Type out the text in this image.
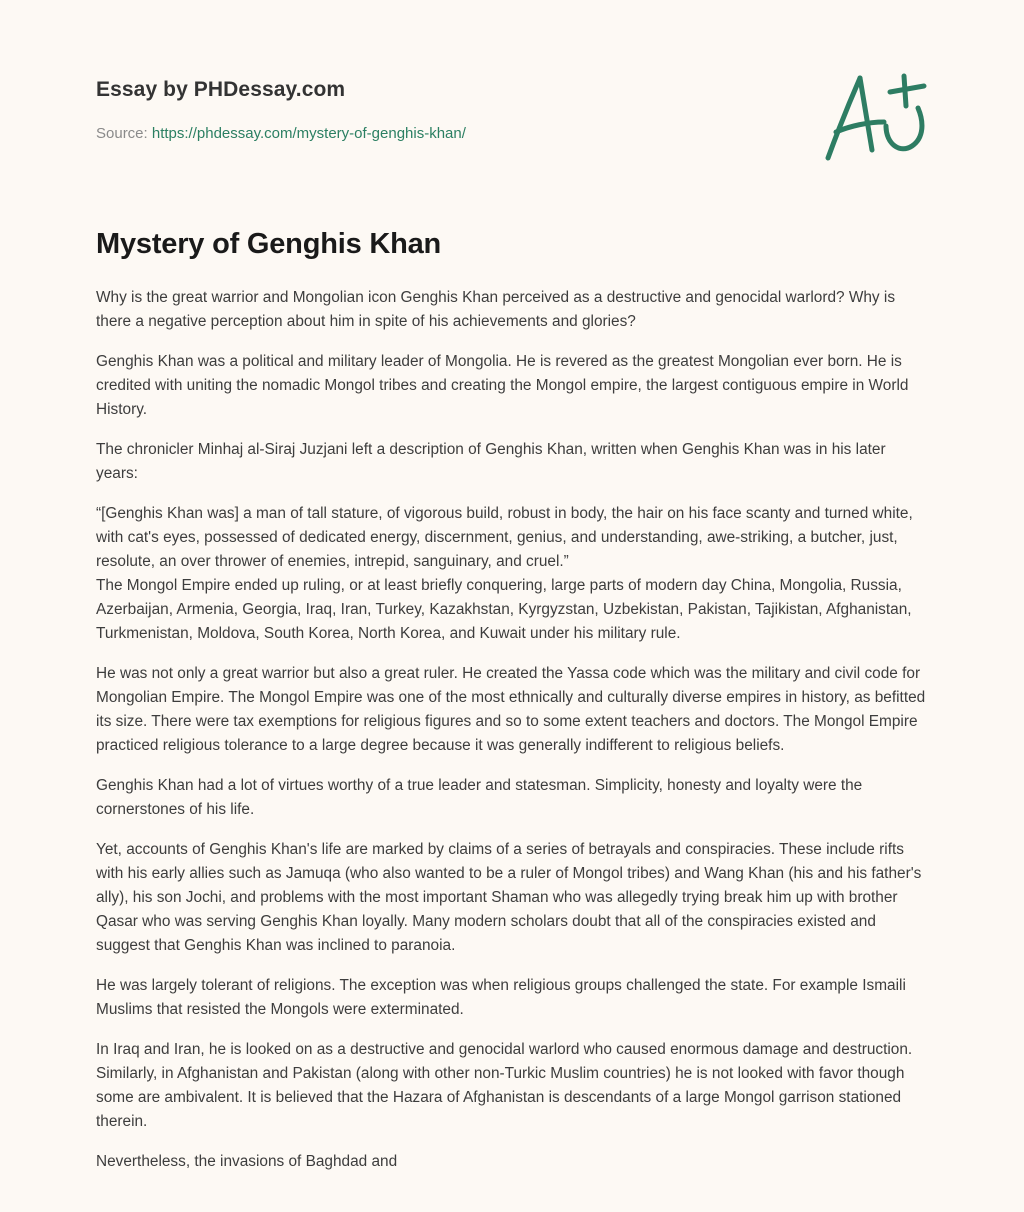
Essay by PHDessay.com
Source: https://phdessay.com/mystery-of-genghis-khan/
Mystery of Genghis Khan

Why is the great warrior and Mongolian icon Genghis Khan perceived as a destructive and genocidal warlord? Why is there a negative perception about him in spite of his achievements and glories?

Genghis Khan was a political and military leader of Mongolia. He is revered as the greatest Mongolian ever born. He is credited with uniting the nomadic Mongol tribes and creating the Mongol empire, the largest contiguous empire in World History.

The chronicler Minhaj al-Siraj Juzjani left a description of Genghis Khan, written when Genghis Khan was in his later years:

“[Genghis Khan was] a man of tall stature, of vigorous build, robust in body, the hair on his face scanty and turned white, with cat's eyes, possessed of dedicated energy, discernment, genius, and understanding, awe-striking, a butcher, just, resolute, an over thrower of enemies, intrepid, sanguinary, and cruel.”

The Mongol Empire ended up ruling, or at least briefly conquering, large parts of modern day China, Mongolia, Russia, Azerbaijan, Armenia, Georgia, Iraq, Iran, Turkey, Kazakhstan, Kyrgyzstan, Uzbekistan, Pakistan, Tajikistan, Afghanistan, Turkmenistan, Moldova, South Korea, North Korea, and Kuwait under his military rule.

He was not only a great warrior but also a great ruler. He created the Yassa code which was the military and civil code for Mongolian Empire. The Mongol Empire was one of the most ethnically and culturally diverse empires in history, as befitted its size. There were tax exemptions for religious figures and so to some extent teachers and doctors. The Mongol Empire practiced religious tolerance to a large degree because it was generally indifferent to religious beliefs.

Genghis Khan had a lot of virtues worthy of a true leader and statesman. Simplicity, honesty and loyalty were the cornerstones of his life.

Yet, accounts of Genghis Khan's life are marked by claims of a series of betrayals and conspiracies. These include rifts with his early allies such as Jamuqa (who also wanted to be a ruler of Mongol tribes) and Wang Khan (his and his father's ally), his son Jochi, and problems with the most important Shaman who was allegedly trying break him up with brother Qasar who was serving Genghis Khan loyally. Many modern scholars doubt that all of the conspiracies existed and suggest that Genghis Khan was inclined to paranoia.

He was largely tolerant of religions. The exception was when religious groups challenged the state. For example Ismaili Muslims that resisted the Mongols were exterminated.

In Iraq and Iran, he is looked on as a destructive and genocidal warlord who caused enormous damage and destruction. Similarly, in Afghanistan and Pakistan (along with other non-Turkic Muslim countries) he is not looked with favor though some are ambivalent. It is believed that the Hazara of Afghanistan is descendants of a large Mongol garrison stationed therein.

Nevertheless, the invasions of Baghdad and
